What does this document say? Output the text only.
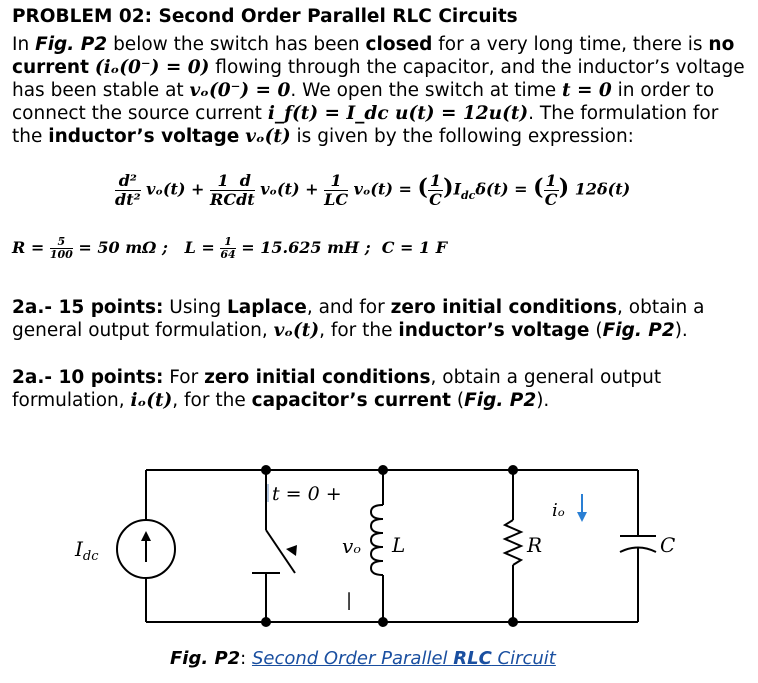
PROBLEM 02: Second Order Parallel RLC Circuits
In Fig. P2 below the switch has been closed for a very long time, there is no current (iₒ(0⁻) = 0) flowing through the capacitor, and the inductor’s voltage has been stable at vₒ(0⁻) = 0. We open the switch at time t = 0 in order to connect the source current i_f(t) = I_dc u(t) = 12u(t). The formulation for the inductor’s voltage vₒ(t) is given by the following expression:
$\frac{\text{d²}}{\text{dt²}} v_o(t) + \frac{1}{RC} \frac{d}{dt} v_o(t) + \frac{1}{LC} v_o(t)$ = ( $\frac{1}{C} )I_{dc}\delta(t)$ = ( $\frac{1}{C}$ ) 12δ(t)
$R = \frac{5}{100} = 50$ mΩ ; $L = \frac{1}{64} = 15.625$ mH ; C = 1 F
2a.- 15 points: Using Laplace, and for zero initial conditions, obtain a general output formulation, vₒ(t), for the inductor’s voltage (Fig. P2).
2a.- 10 points: For zero initial conditions, obtain a general output formulation, iₒ(t), for the capacitor’s current (Fig. P2).
$I_{dc}$
t = 0 +
vₒ
|
L	R	C
iₒ
Fig. P2: Second Order Parallel RLC Circuit
